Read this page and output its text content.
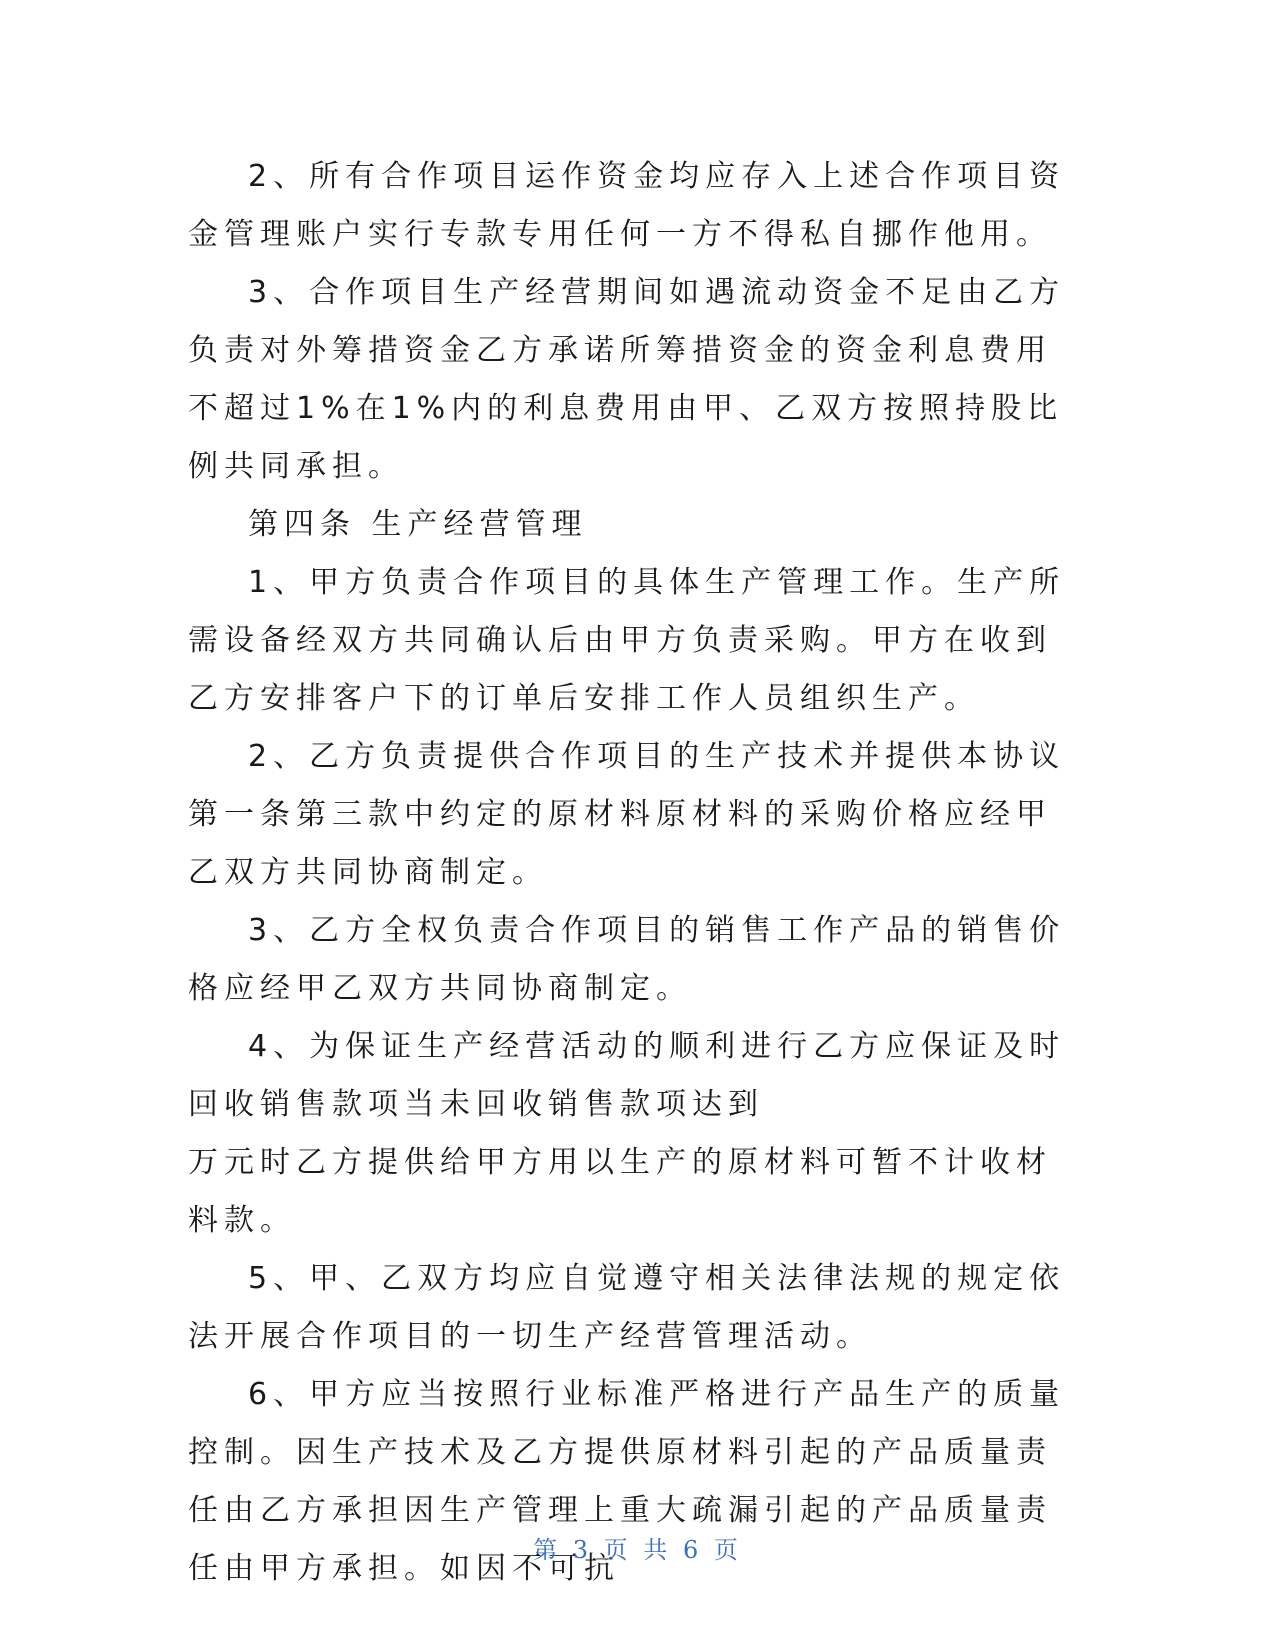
2、所有合作项目运作资金均应存入上述合作项目资金管理账户实行专款专用任何一方不得私自挪作他用。

3、合作项目生产经营期间如遇流动资金不足由乙方负责对外筹措资金乙方承诺所筹措资金的资金利息费用不超过1%在1%内的利息费用由甲、乙双方按照持股比例共同承担。

第四条 生产经营管理

1、甲方负责合作项目的具体生产管理工作。生产所需设备经双方共同确认后由甲方负责采购。甲方在收到乙方安排客户下的订单后安排工作人员组织生产。

2、乙方负责提供合作项目的生产技术并提供本协议第一条第三款中约定的原材料原材料的采购价格应经甲乙双方共同协商制定。

3、乙方全权负责合作项目的销售工作产品的销售价格应经甲乙双方共同协商制定。

4、为保证生产经营活动的顺利进行乙方应保证及时回收销售款项当未回收销售款项达到

万元时乙方提供给甲方用以生产的原材料可暂不计收材料款。

5、甲、乙双方均应自觉遵守相关法律法规的规定依法开展合作项目的一切生产经营管理活动。

6、甲方应当按照行业标准严格进行产品生产的质量控制。因生产技术及乙方提供原材料引起的产品质量责任由乙方承担因生产管理上重大疏漏引起的产品质量责任由甲方承担。如因不可抗

第 3 页 共 6 页
